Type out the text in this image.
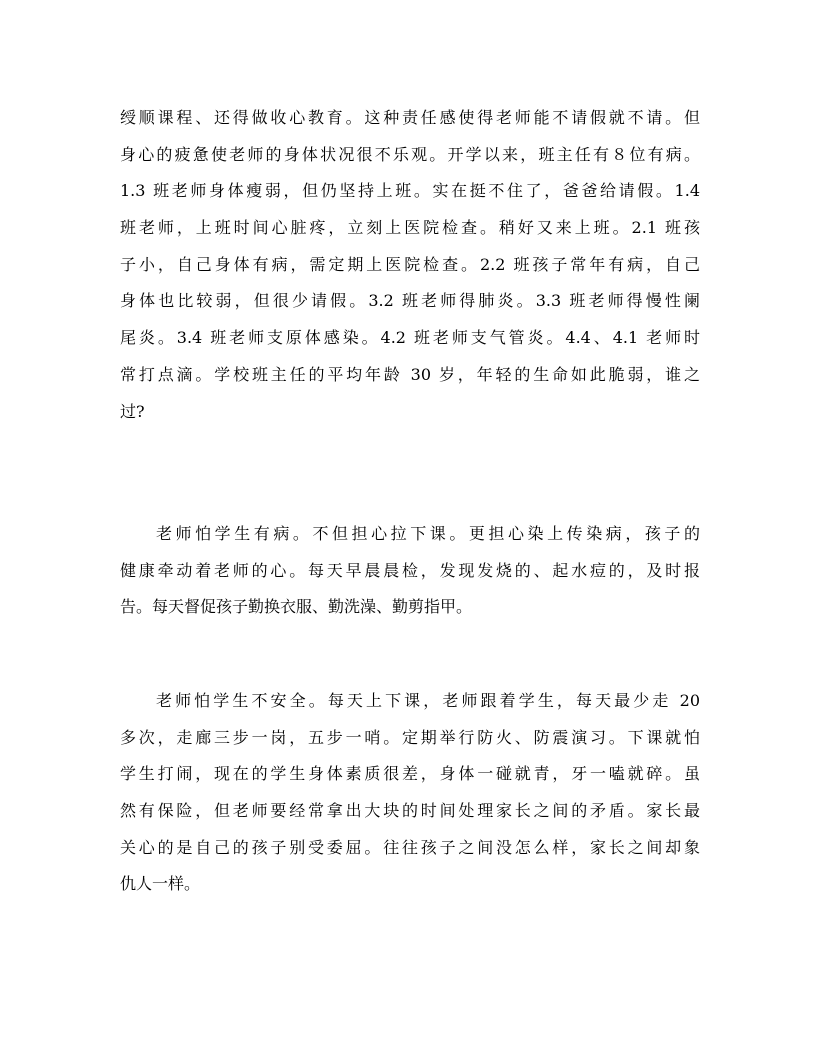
绶顺课程、还得做收心教育。这种责任感使得老师能不请假就不请。但
身心的疲惫使老师的身体状况很不乐观。开学以来，班主任有８位有病。
1.3 班老师身体瘦弱，但仍坚持上班。实在挺不住了，爸爸给请假。1.4
班老师，上班时间心脏疼，立刻上医院检查。稍好又来上班。2.1 班孩
子小，自己身体有病，需定期上医院检查。2.2 班孩子常年有病，自己
身体也比较弱，但很少请假。3.2 班老师得肺炎。3.3 班老师得慢性阑
尾炎。3.4 班老师支原体感染。4.2 班老师支气管炎。4.4、4.1 老师时
常打点滴。学校班主任的平均年龄 30 岁，年轻的生命如此脆弱，谁之
过?
老师怕学生有病。不但担心拉下课。更担心染上传染病，孩子的
健康牵动着老师的心。每天早晨晨检，发现发烧的、起水痘的，及时报
告。每天督促孩子勤换衣服、勤洗澡、勤剪指甲。
老师怕学生不安全。每天上下课，老师跟着学生，每天最少走 20
多次，走廊三步一岗，五步一哨。定期举行防火、防震演习。下课就怕
学生打闹，现在的学生身体素质很差，身体一碰就青，牙一嗑就碎。虽
然有保险，但老师要经常拿出大块的时间处理家长之间的矛盾。家长最
关心的是自己的孩子别受委屈。往往孩子之间没怎么样，家长之间却象
仇人一样。
